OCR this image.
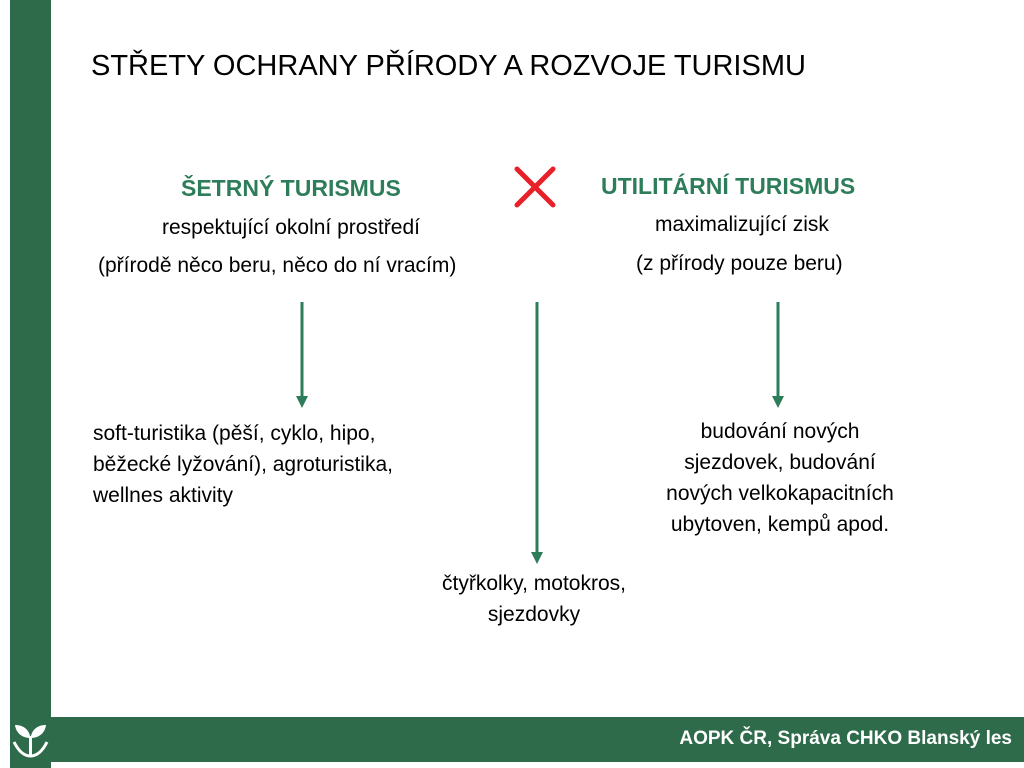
AOPK ČR, Správa CHKO Blanský les
STŘETY OCHRANY PŘÍRODY A ROZVOJE TURISMU
ŠETRNÝ TURISMUS
respektující okolní prostředí
(přírodě něco beru, něco do ní vracím)
UTILITÁRNÍ TURISMUS
maximalizující zisk
(z přírody pouze beru)
soft-turistika (pěší, cyklo, hipo,
běžecké lyžování), agroturistika,
wellnes aktivity
budování nových
sjezdovek, budování
nových velkokapacitních
ubytoven, kempů apod.
čtyřkolky, motokros,
sjezdovky
